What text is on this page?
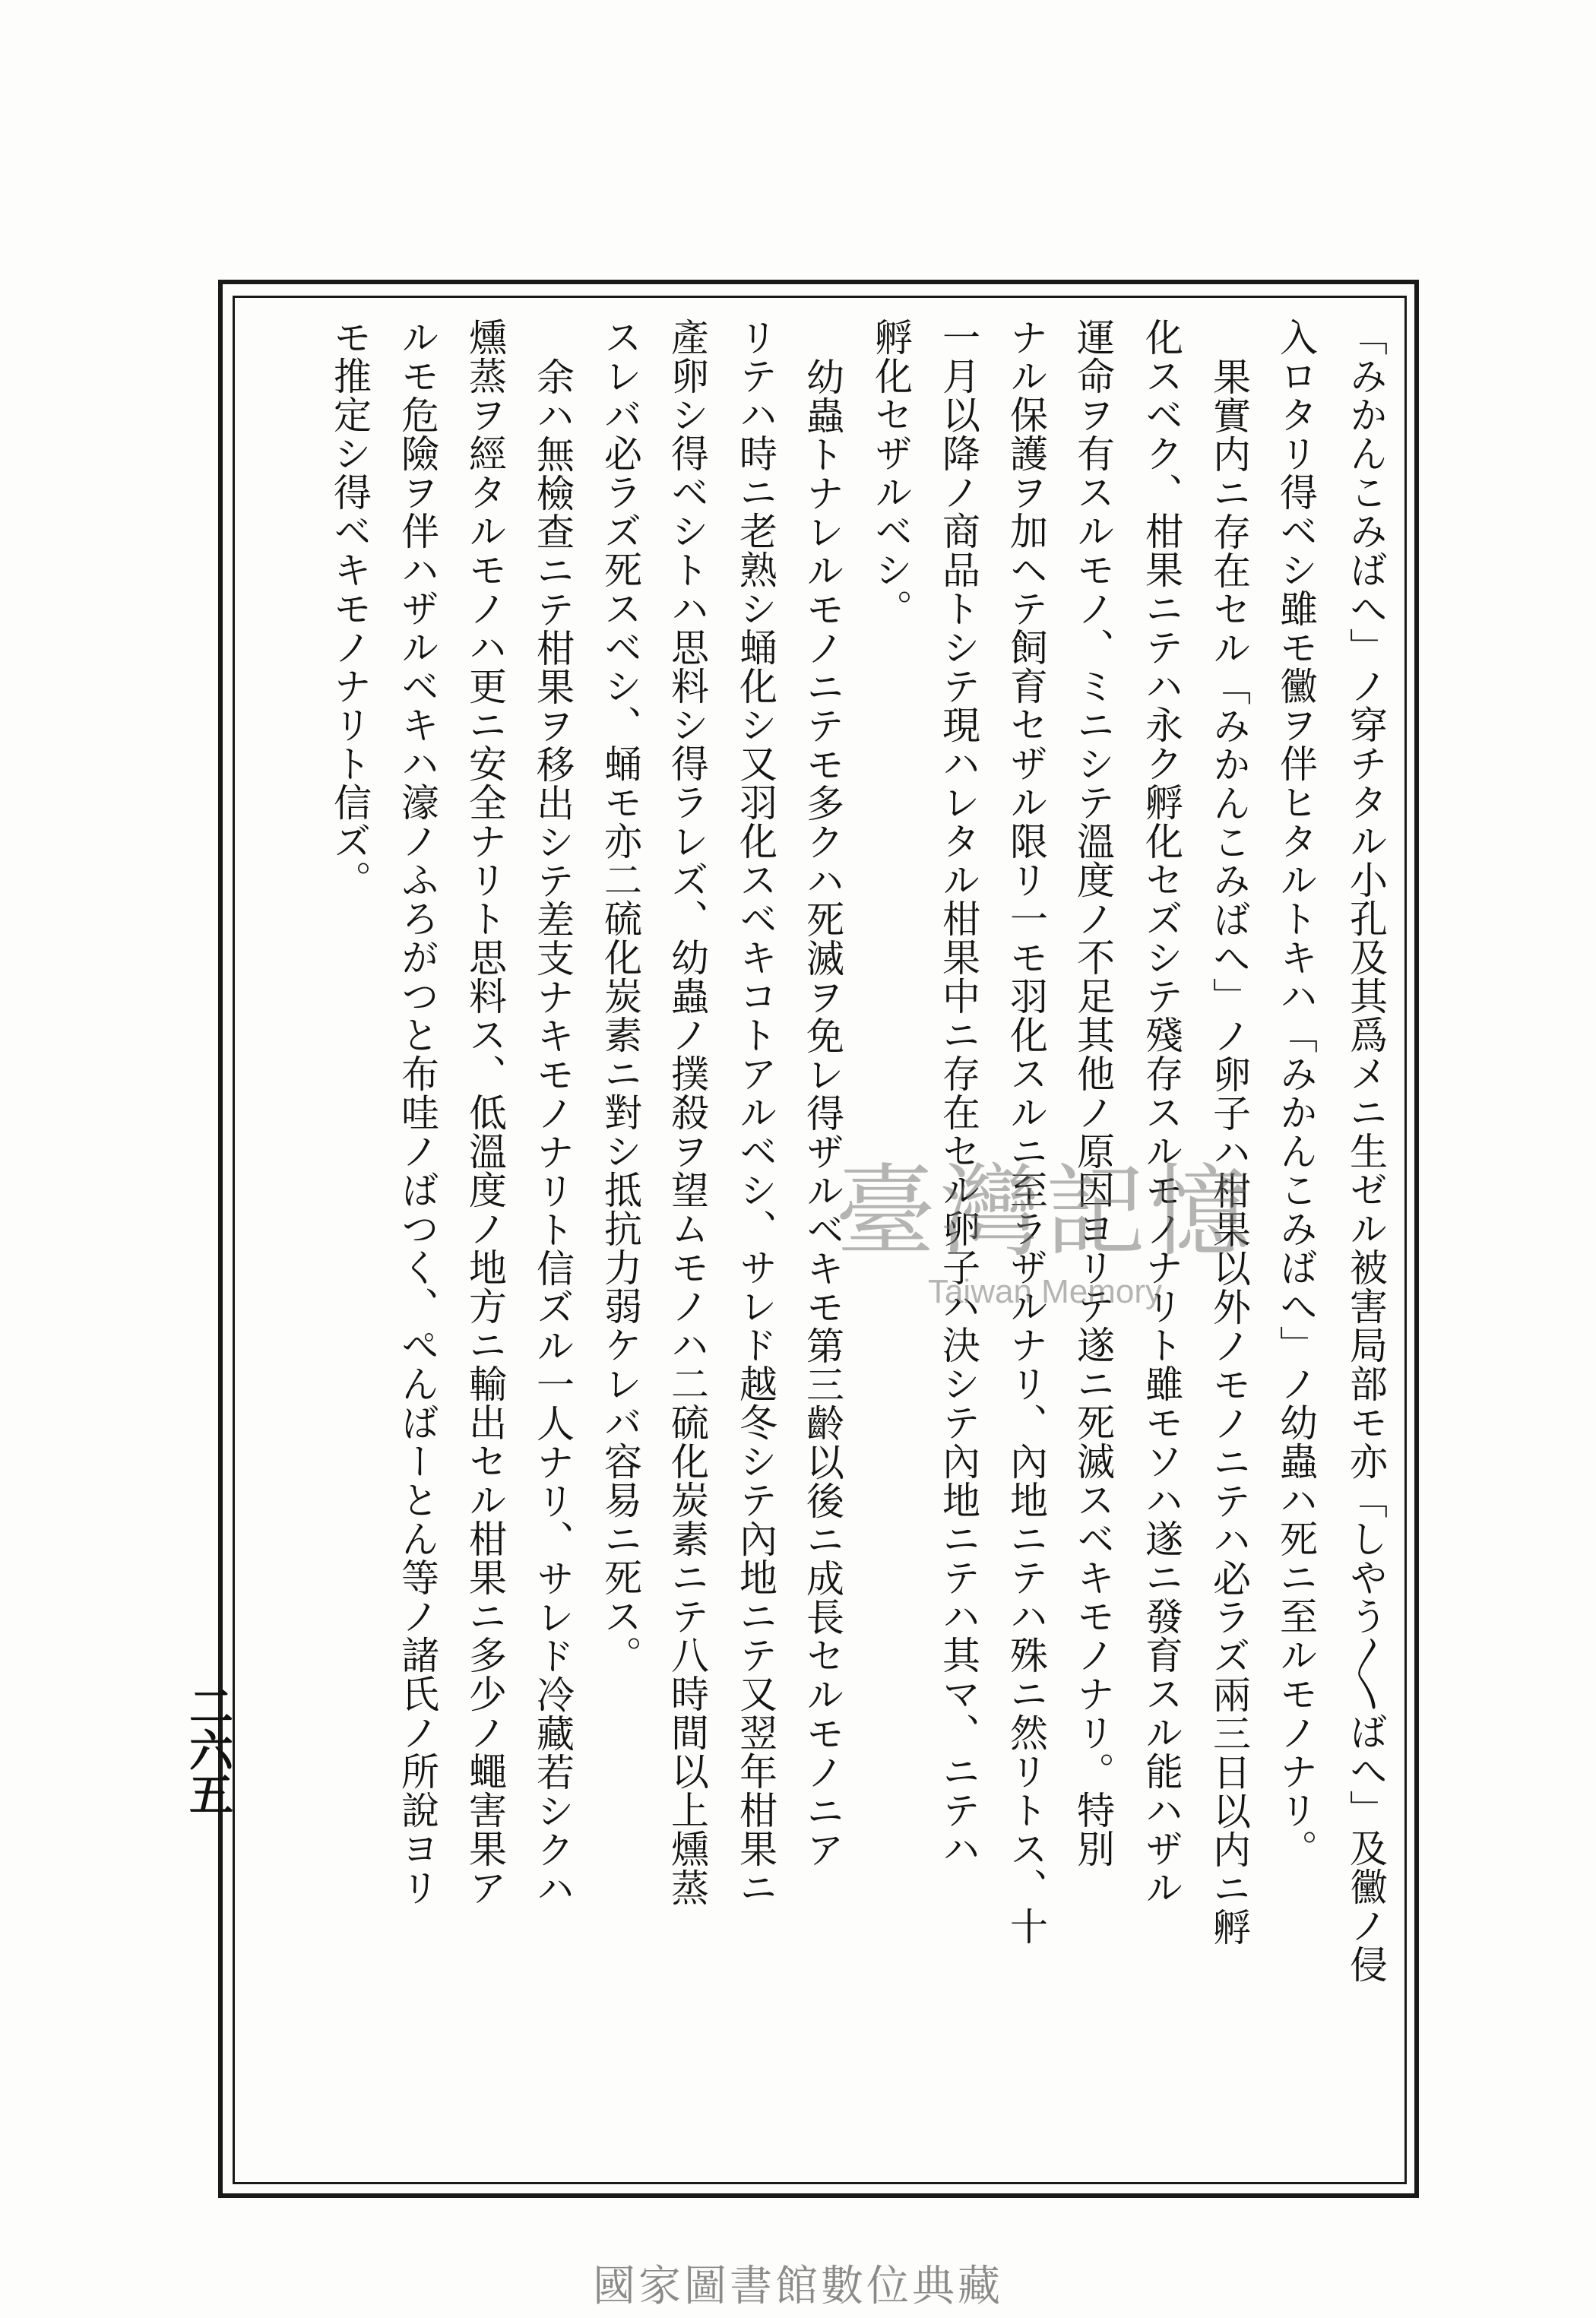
「みかんこみばへ」ノ穿チタル小孔及其爲メニ生ゼル被害局部モ亦「しやう〳〵ばへ」及黴ノ侵
入ロタリ得ベシ雖モ黴ヲ伴ヒタルトキハ「みかんこみばへ」ノ幼蟲ハ死ニ至ルモノナリ。
果實内ニ存在セル「みかんこみばへ」ノ卵子ハ柑果以外ノモノニテハ必ラズ兩三日以内ニ孵
化スベク、柑果ニテハ永ク孵化セズシテ殘存スルモノナリト雖モソハ遂ニ發育スル能ハザル
運命ヲ有スルモノ、ミニシテ溫度ノ不足其他ノ原因ヨリテ遂ニ死滅スベキモノナリ。特別
ナル保護ヲ加ヘテ飼育セザル限リ一モ羽化スルニ至ラザルナリ、內地ニテハ殊ニ然リトス、十
一月以降ノ商品トシテ現ハレタル柑果中ニ存在セル卵子ハ決シテ內地ニテハ其マ、ニテハ
孵化セザルベシ。
幼蟲トナレルモノニテモ多クハ死滅ヲ免レ得ザルベキモ第三齡以後ニ成長セルモノニア
リテハ時ニ老熟シ蛹化シ又羽化スベキコトアルベシ、サレド越冬シテ內地ニテ又翌年柑果ニ
產卵シ得ベシトハ思料シ得ラレズ、幼蟲ノ撲殺ヲ望ムモノハ二硫化炭素ニテ八時間以上燻蒸
スレバ必ラズ死スベシ、蛹モ亦二硫化炭素ニ對シ抵抗力弱ケレバ容易ニ死ス。
余ハ無檢查ニテ柑果ヲ移出シテ差支ナキモノナリト信ズル一人ナリ、サレド冷藏若シクハ
燻蒸ヲ經タルモノハ更ニ安全ナリト思料ス、低溫度ノ地方ニ輸出セル柑果ニ多少ノ蠅害果ア
ルモ危險ヲ伴ハザルベキハ濠ノふろがつと布哇ノばつく、ぺんばーとん等ノ諸氏ノ所說ヨリ
モ推定シ得ベキモノナリト信ズ。
二六五
臺灣記憶
Taiwan Memory
國家圖書館數位典藏
